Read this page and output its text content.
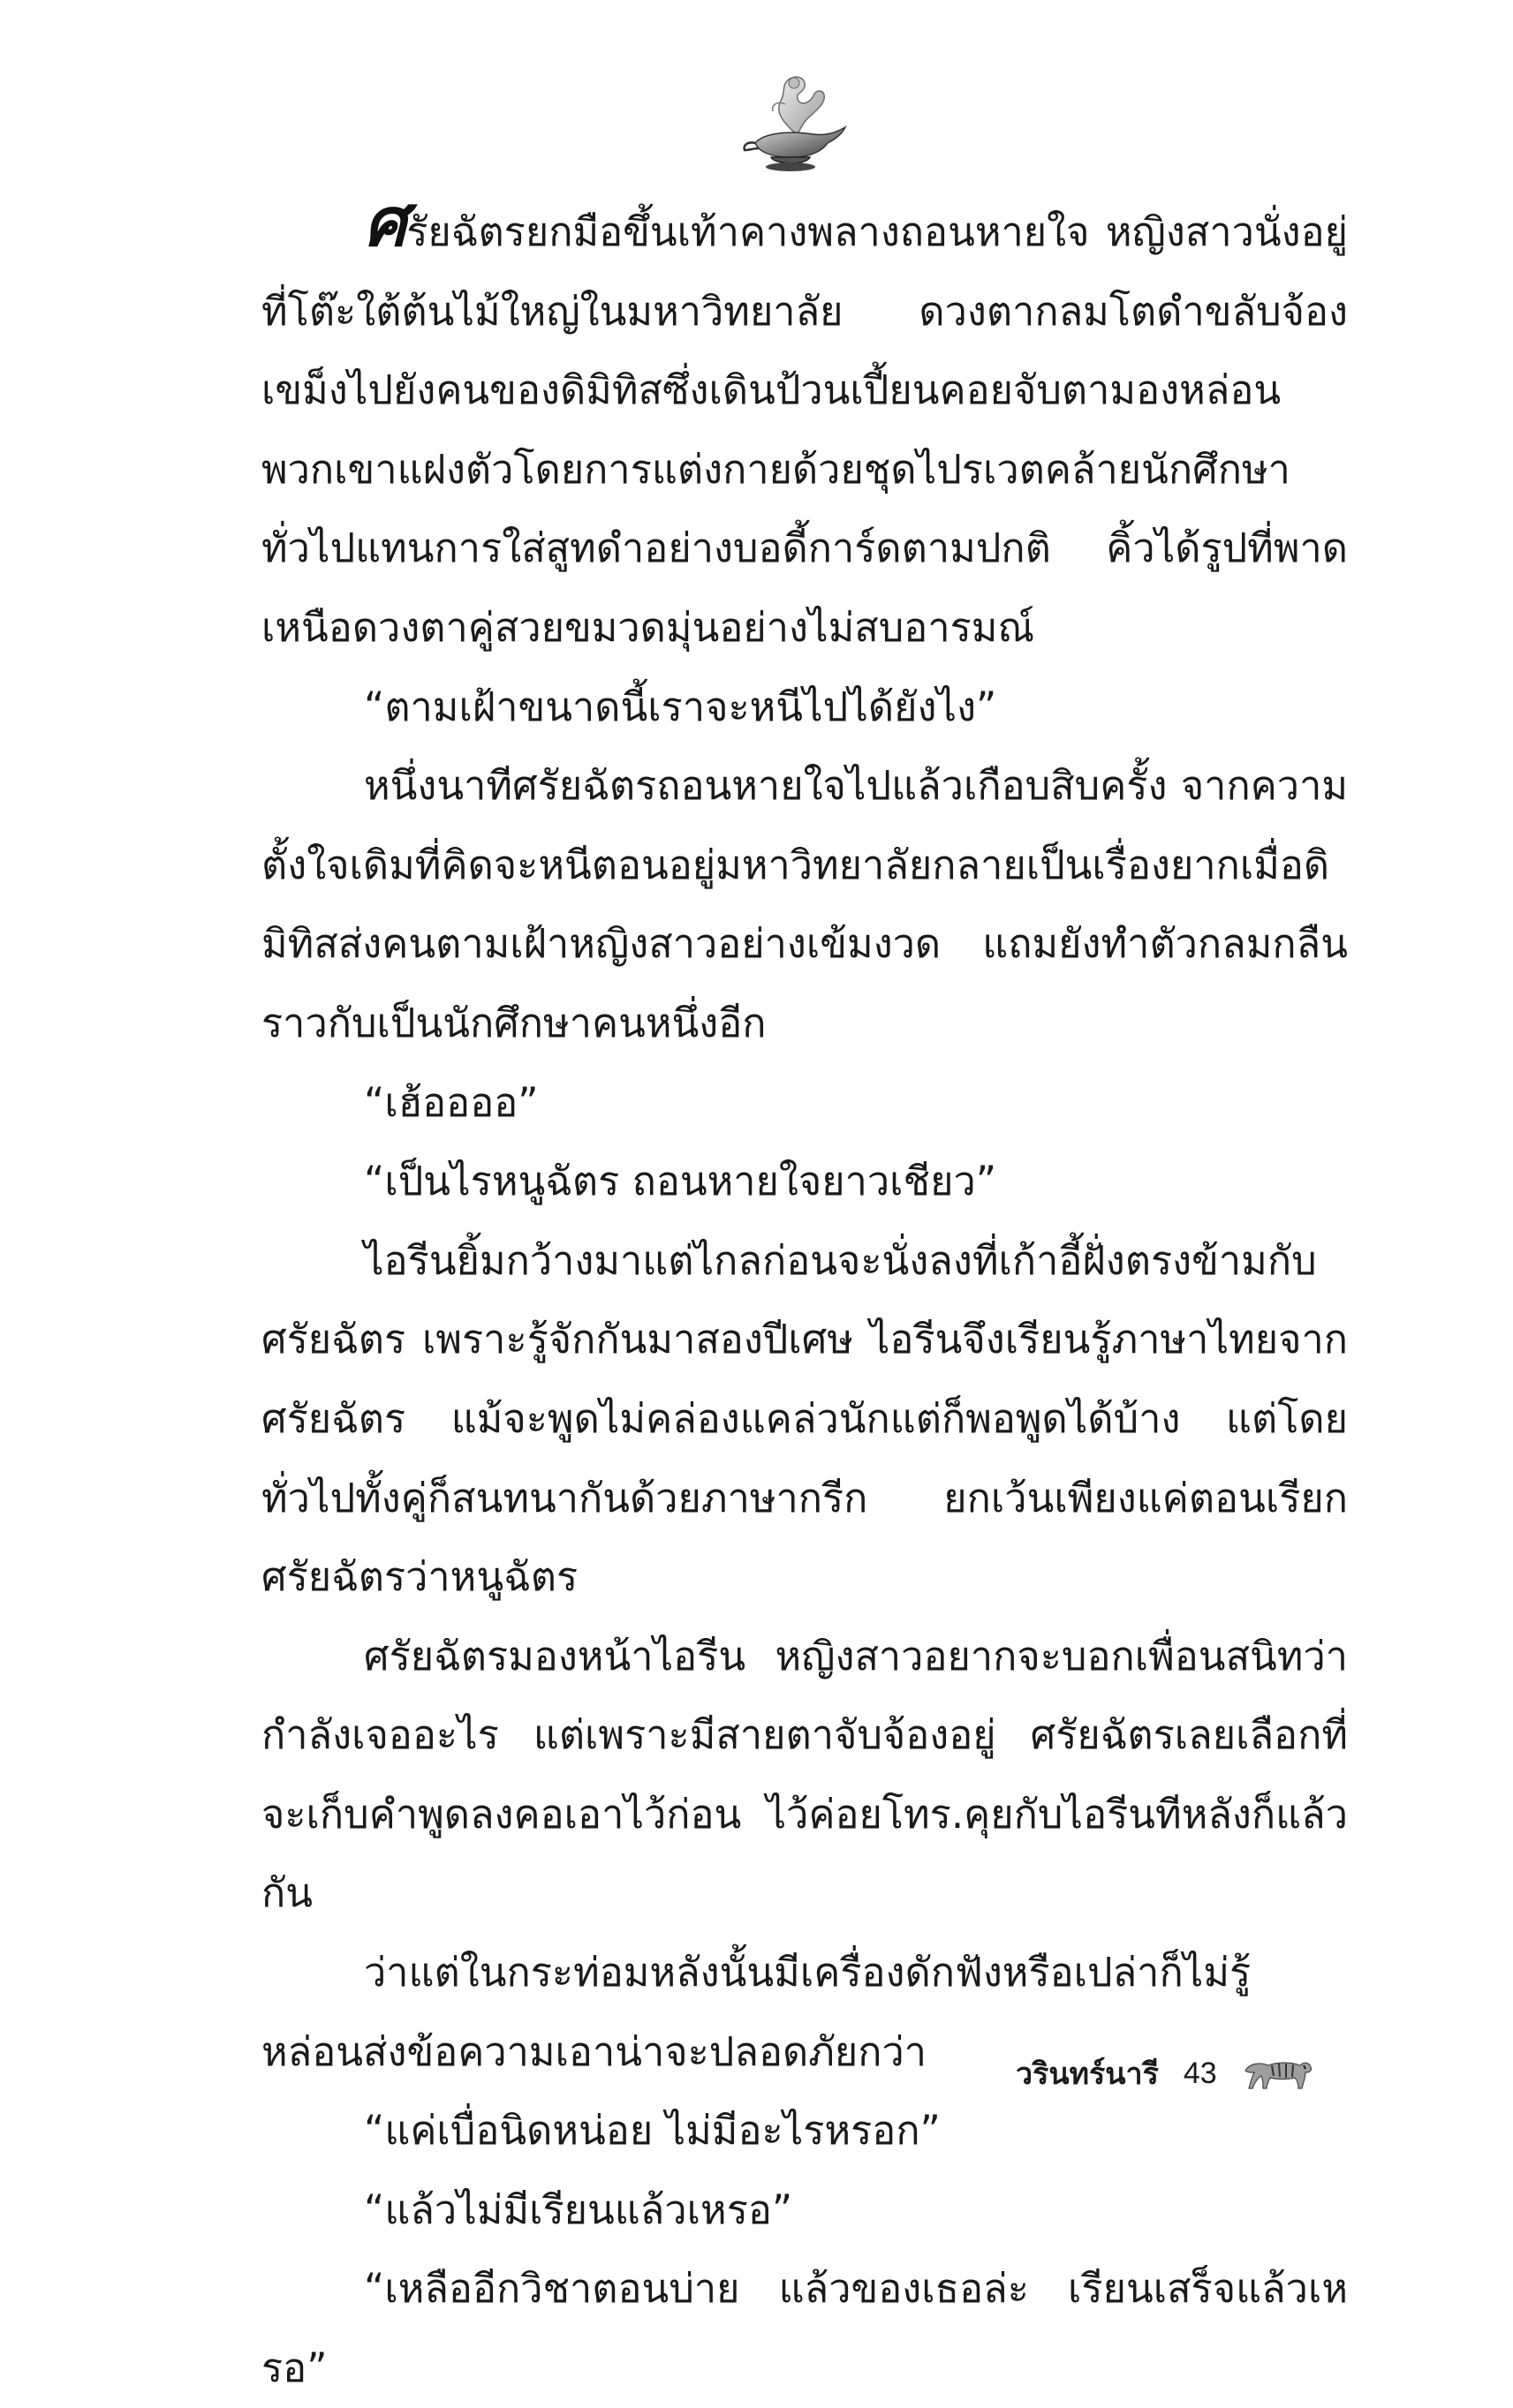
ศรัยฉัตรยกมือขึ้นเท้าคางพลางถอนหายใจ หญิงสาวนั่งอยู่ที่โต๊ะใต้ต้นไม้ใหญ่ในมหาวิทยาลัย ดวงตากลมโตดำขลับจ้องเขม็งไปยังคนของดิมิทิสซึ่งเดินป้วนเปี้ยนคอยจับตามองหล่อน พวกเขาแฝงตัวโดยการแต่งกายด้วยชุดไปรเวตคล้ายนักศึกษาทั่วไปแทนการใส่สูทดำอย่างบอดี้การ์ดตามปกติ คิ้วได้รูปที่พาดเหนือดวงตาคู่สวยขมวดมุ่นอย่างไม่สบอารมณ์

“ตามเฝ้าขนาดนี้เราจะหนีไปได้ยังไง”

หนึ่งนาทีศรัยฉัตรถอนหายใจไปแล้วเกือบสิบครั้ง จากความตั้งใจเดิมที่คิดจะหนีตอนอยู่มหาวิทยาลัยกลายเป็นเรื่องยากเมื่อดิมิทิสส่งคนตามเฝ้าหญิงสาวอย่างเข้มงวด แถมยังทำตัวกลมกลืนราวกับเป็นนักศึกษาคนหนึ่งอีก

“เฮ้ออออ”

“เป็นไรหนูฉัตร ถอนหายใจยาวเชียว”

ไอรีนยิ้มกว้างมาแต่ไกลก่อนจะนั่งลงที่เก้าอี้ฝั่งตรงข้ามกับศรัยฉัตร เพราะรู้จักกันมาสองปีเศษ ไอรีนจึงเรียนรู้ภาษาไทยจากศรัยฉัตร แม้จะพูดไม่คล่องแคล่วนักแต่ก็พอพูดได้บ้าง แต่โดยทั่วไปทั้งคู่ก็สนทนากันด้วยภาษากรีก ยกเว้นเพียงแค่ตอนเรียกศรัยฉัตรว่าหนูฉัตร

ศรัยฉัตรมองหน้าไอรีน หญิงสาวอยากจะบอกเพื่อนสนิทว่ากำลังเจออะไร แต่เพราะมีสายตาจับจ้องอยู่ ศรัยฉัตรเลยเลือกที่จะเก็บคำพูดลงคอเอาไว้ก่อน ไว้ค่อยโทร.คุยกับไอรีนทีหลังก็แล้วกัน

ว่าแต่ในกระท่อมหลังนั้นมีเครื่องดักฟังหรือเปล่าก็ไม่รู้ หล่อนส่งข้อความเอาน่าจะปลอดภัยกว่า

“แค่เบื่อนิดหน่อย ไม่มีอะไรหรอก”

“แล้วไม่มีเรียนแล้วเหรอ”

“เหลืออีกวิชาตอนบ่าย แล้วของเธอล่ะ เรียนเสร็จแล้วเหรอ”

วรินทร์นารี 43
